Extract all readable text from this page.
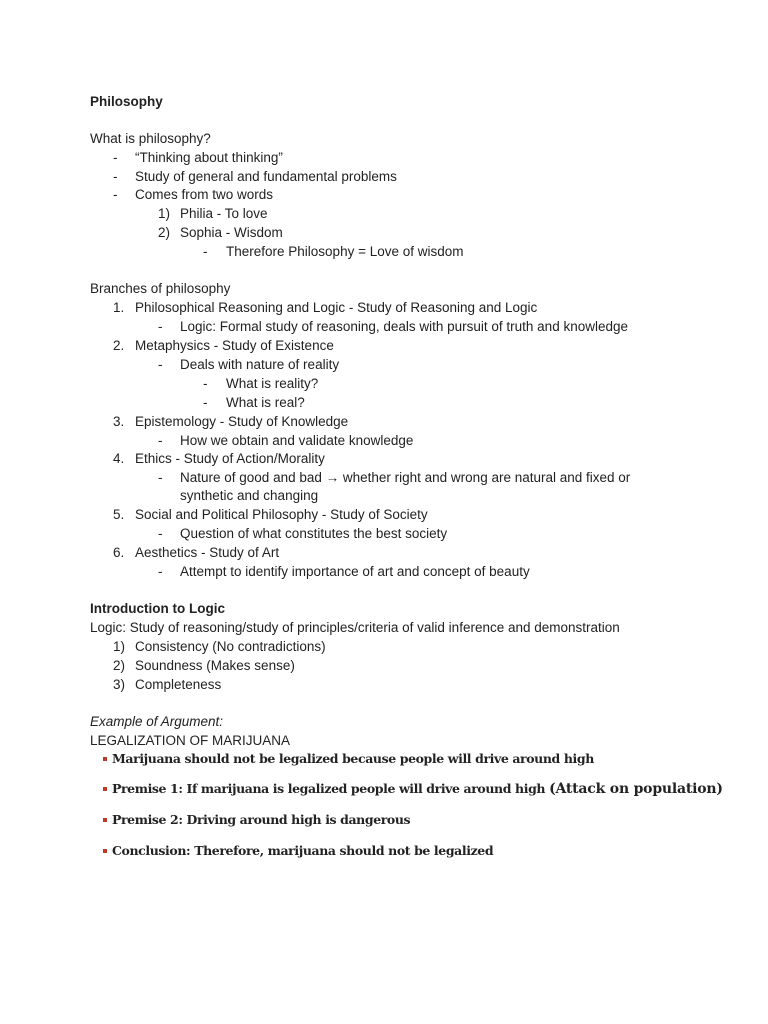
Philosophy
What is philosophy?
- “Thinking about thinking”
- Study of general and fundamental problems
- Comes from two words
1) Philia - To love
2) Sophia - Wisdom
- Therefore Philosophy = Love of wisdom
Branches of philosophy
1. Philosophical Reasoning and Logic - Study of Reasoning and Logic
- Logic: Formal study of reasoning, deals with pursuit of truth and knowledge
2. Metaphysics - Study of Existence
- Deals with nature of reality
- What is reality?
- What is real?
3. Epistemology - Study of Knowledge
- How we obtain and validate knowledge
4. Ethics - Study of Action/Morality
- Nature of good and bad → whether right and wrong are natural and fixed or synthetic and changing
5. Social and Political Philosophy - Study of Society
- Question of what constitutes the best society
6. Aesthetics - Study of Art
- Attempt to identify importance of art and concept of beauty
Introduction to Logic
Logic: Study of reasoning/study of principles/criteria of valid inference and demonstration
1) Consistency (No contradictions)
2) Soundness (Makes sense)
3) Completeness
Example of Argument:
LEGALIZATION OF MARIJUANA
Marijuana should not be legalized because people will drive around high
Premise 1: If marijuana is legalized people will drive around high (Attack on population)
Premise 2: Driving around high is dangerous
Conclusion: Therefore, marijuana should not be legalized
